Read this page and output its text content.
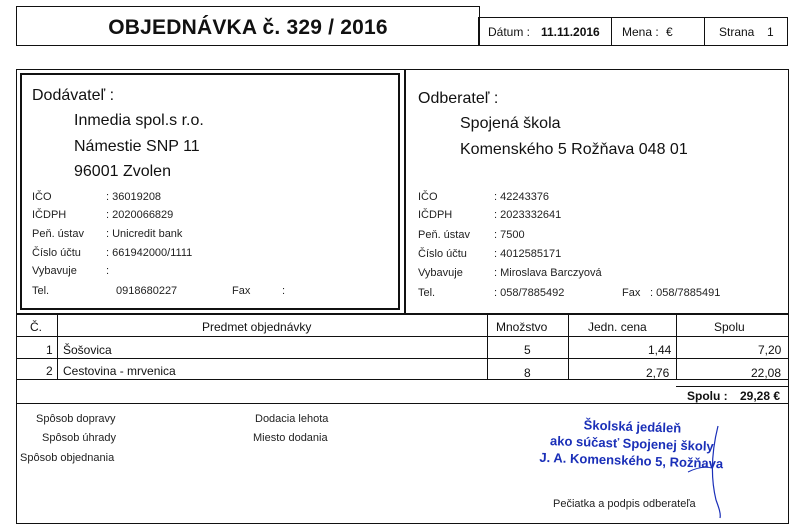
OBJEDNÁVKA č. 329 / 2016	Dátum : 11.11.2016 Mena : €	Strana 1
Dodávateľ :
Inmedia spol.s r.o.
Námestie SNP 11
96001 Zvolen
IČO	: 36019208
IČDPH	: 2020066829
Peň. ústav : Unicredit bank
Číslo účtu : 661942000/1111
Vybavuje	:
Tel.	0918680227	Fax	:
Odberateľ :
Spojená škola
Komenského 5 Rožňava 048 01
IČO	: 42243376
IČDPH	: 2023332641
Peň. ústav : 7500
Číslo účtu : 4012585171
Vybavuje	: Miroslava Barczyová
Tel.	: 058/7885492	Fax : 058/7885491
Č.	Predmet objednávky	Množstvo	Jedn. cena	Spolu
1 Šošovica	5	1,44	7,20
2 Cestovina - mrvenica	8	2,76	22,08
Spolu : 29,28 €
Spôsob dopravy
Spôsob úhrady
Spôsob objednania
Dodacia lehota
Miesto dodania
Školská jedáleň
ako súčasť Spojenej školy
J. A. Komenského 5, Rožňava
Pečiatka a podpis odberateľa
